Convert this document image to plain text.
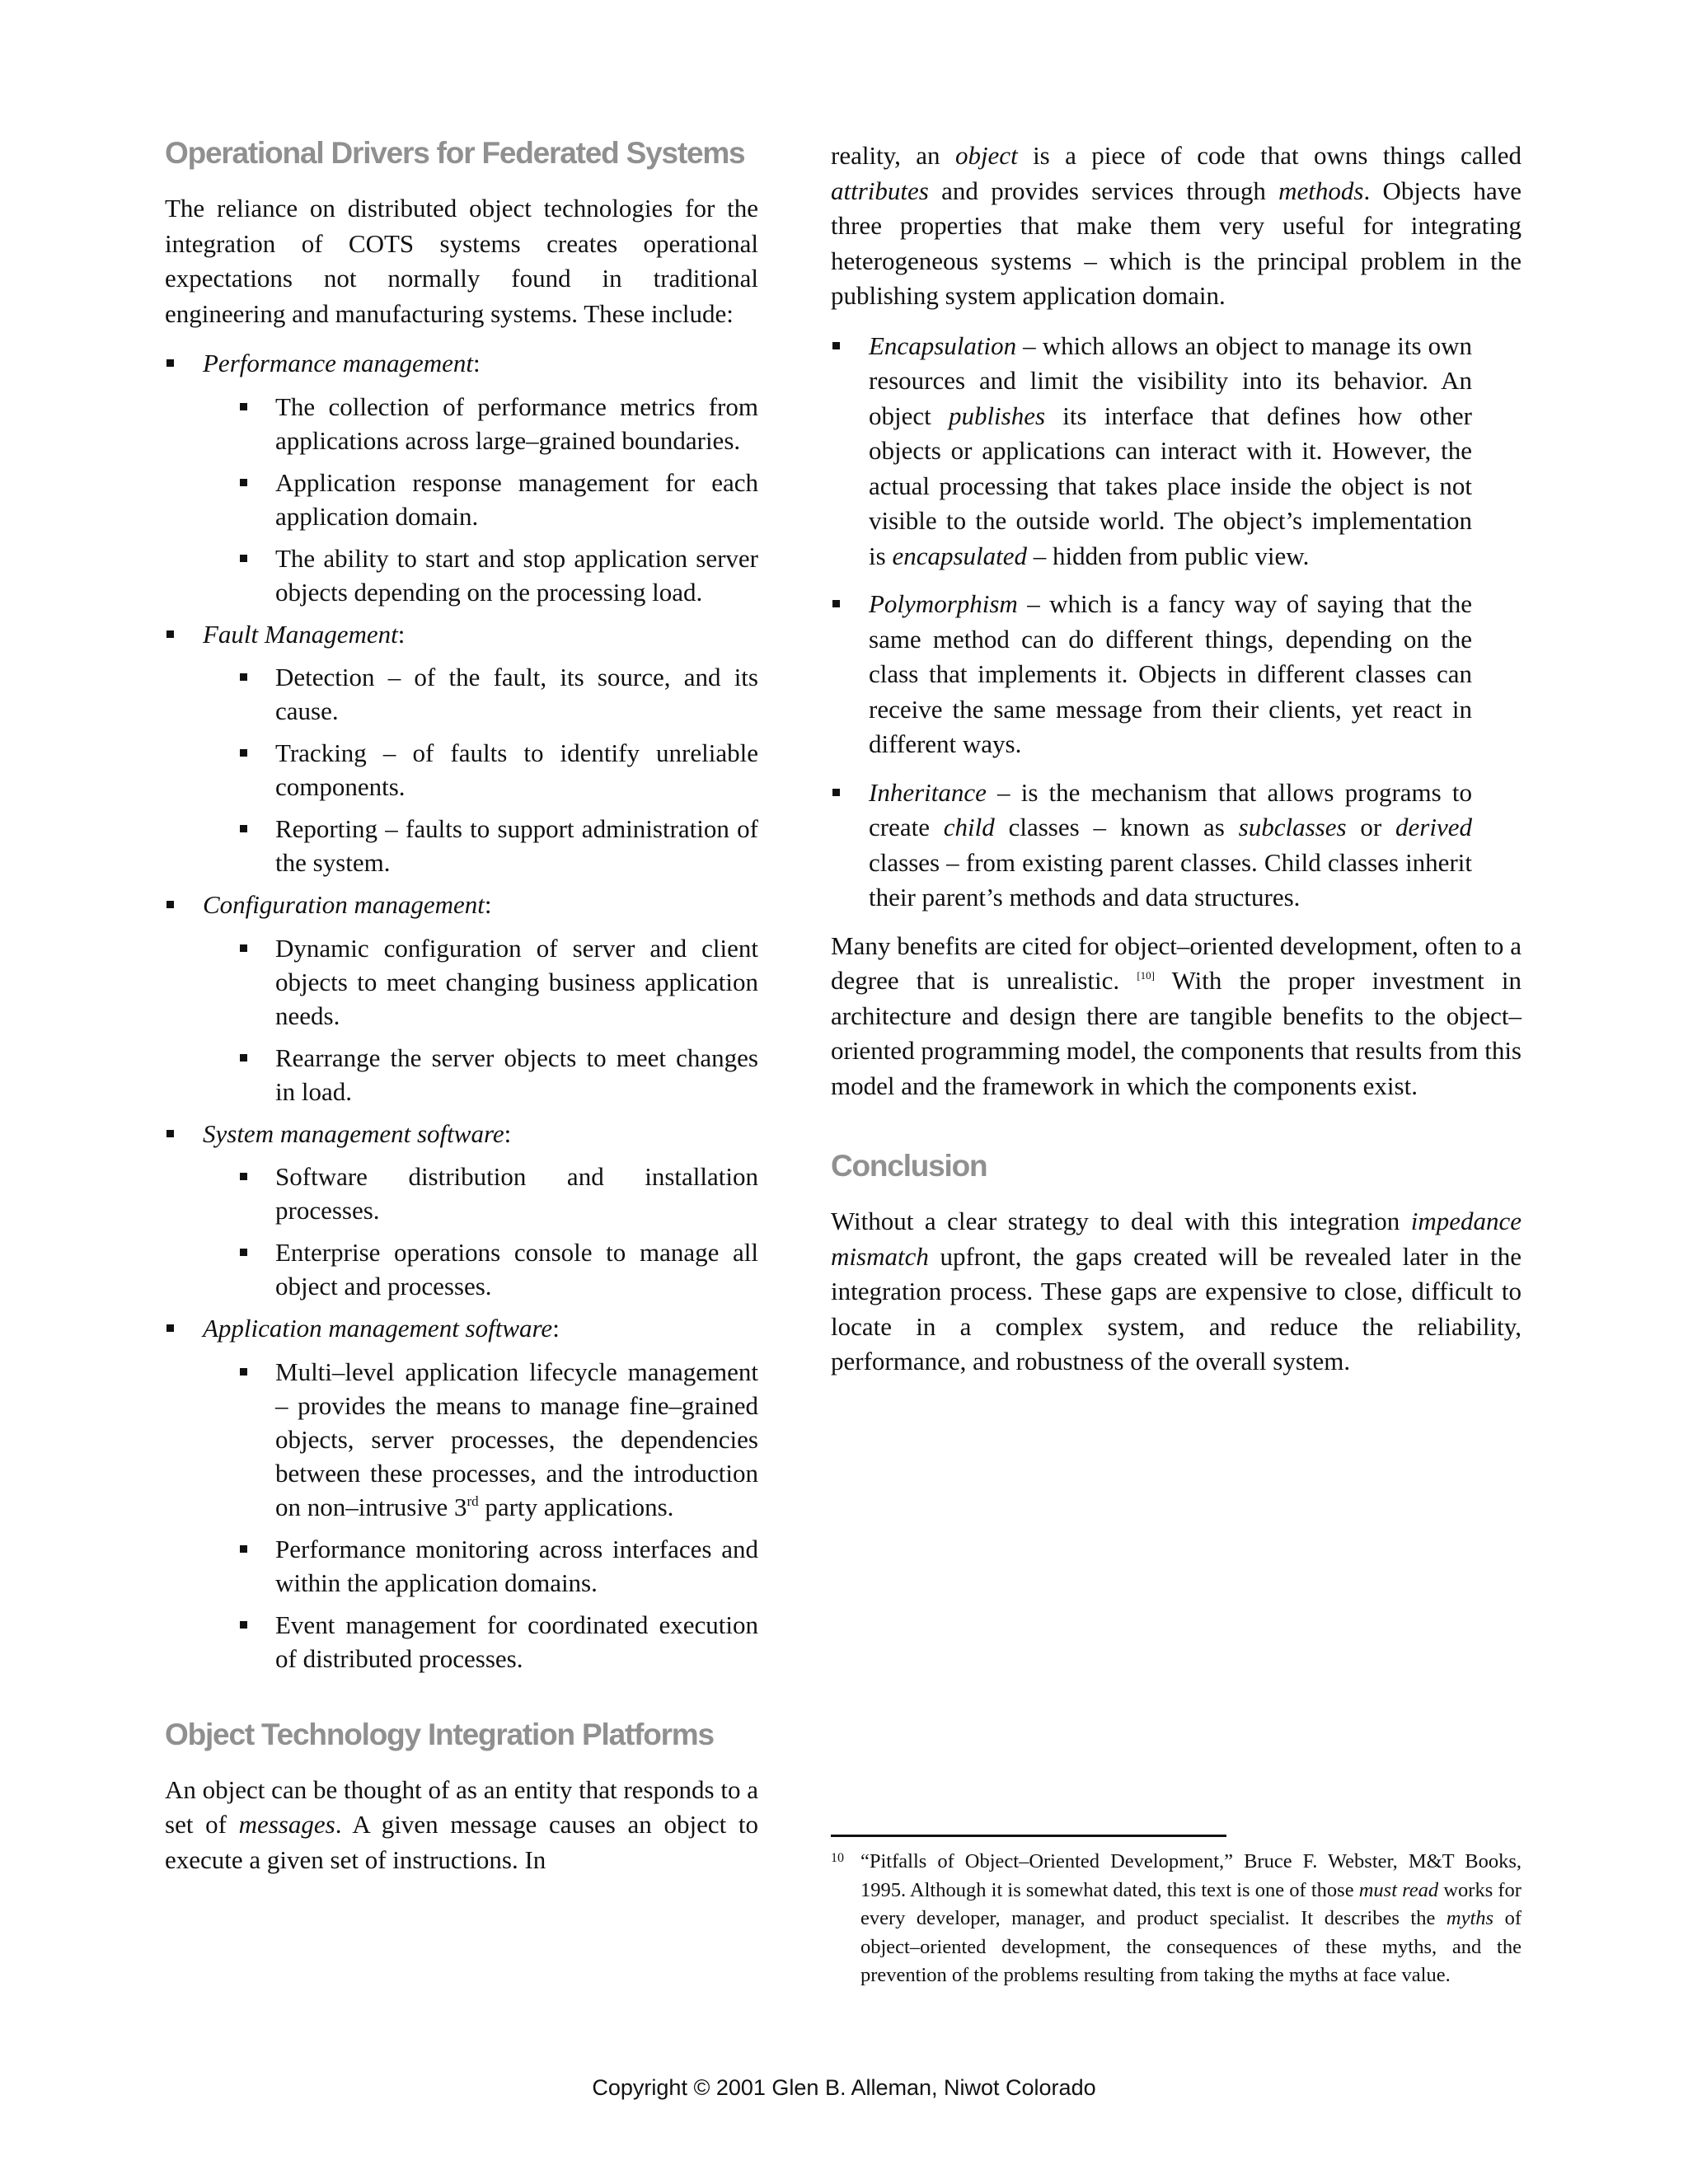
Operational Drivers for Federated Systems

The reliance on distributed object technologies for the integration of COTS systems creates operational expectations not normally found in traditional engineering and manufacturing systems. These include:

Performance management:
The collection of performance metrics from applications across large–grained boundaries.
Application response management for each application domain.
The ability to start and stop application server objects depending on the processing load.
Fault Management:
Detection – of the fault, its source, and its cause.
Tracking – of faults to identify unreliable components.
Reporting – faults to support administration of the system.
Configuration management:
Dynamic configuration of server and client objects to meet changing business application needs.
Rearrange the server objects to meet changes in load.
System management software:
Software distribution and installation processes.
Enterprise operations console to manage all object and processes.
Application management software:
Multi–level application lifecycle management – provides the means to manage fine–grained objects, server processes, the dependencies between these processes, and the introduction on non–intrusive 3rd party applications.
Performance monitoring across interfaces and within the application domains.
Event management for coordinated execution of distributed processes.
Object Technology Integration Platforms

An object can be thought of as an entity that responds to a set of messages. A given message causes an object to execute a given set of instructions. In

reality, an object is a piece of code that owns things called attributes and provides services through methods. Objects have three properties that make them very useful for integrating heterogeneous systems – which is the principal problem in the publishing system application domain.

Encapsulation – which allows an object to manage its own resources and limit the visibility into its behavior. An object publishes its interface that defines how other objects or applications can interact with it. However, the actual processing that takes place inside the object is not visible to the outside world. The object’s implementation is encapsulated – hidden from public view.
Polymorphism – which is a fancy way of saying that the same method can do different things, depending on the class that implements it. Objects in different classes can receive the same message from their clients, yet react in different ways.
Inheritance – is the mechanism that allows programs to create child classes – known as subclasses or derived classes – from existing parent classes. Child classes inherit their parent’s methods and data structures.

Many benefits are cited for object–oriented development, often to a degree that is unrealistic. [10] With the proper investment in architecture and design there are tangible benefits to the object–oriented programming model, the components that results from this model and the framework in which the components exist.

Conclusion

Without a clear strategy to deal with this integration impedance mismatch upfront, the gaps created will be revealed later in the integration process. These gaps are expensive to close, difficult to locate in a complex system, and reduce the reliability, performance, and robustness of the overall system.

10 “Pitfalls of Object–Oriented Development,” Bruce F. Webster, M&T Books, 1995. Although it is somewhat dated, this text is one of those must read works for every developer, manager, and product specialist. It describes the myths of object–oriented development, the consequences of these myths, and the prevention of the problems resulting from taking the myths at face value.
Copyright © 2001 Glen B. Alleman, Niwot Colorado
